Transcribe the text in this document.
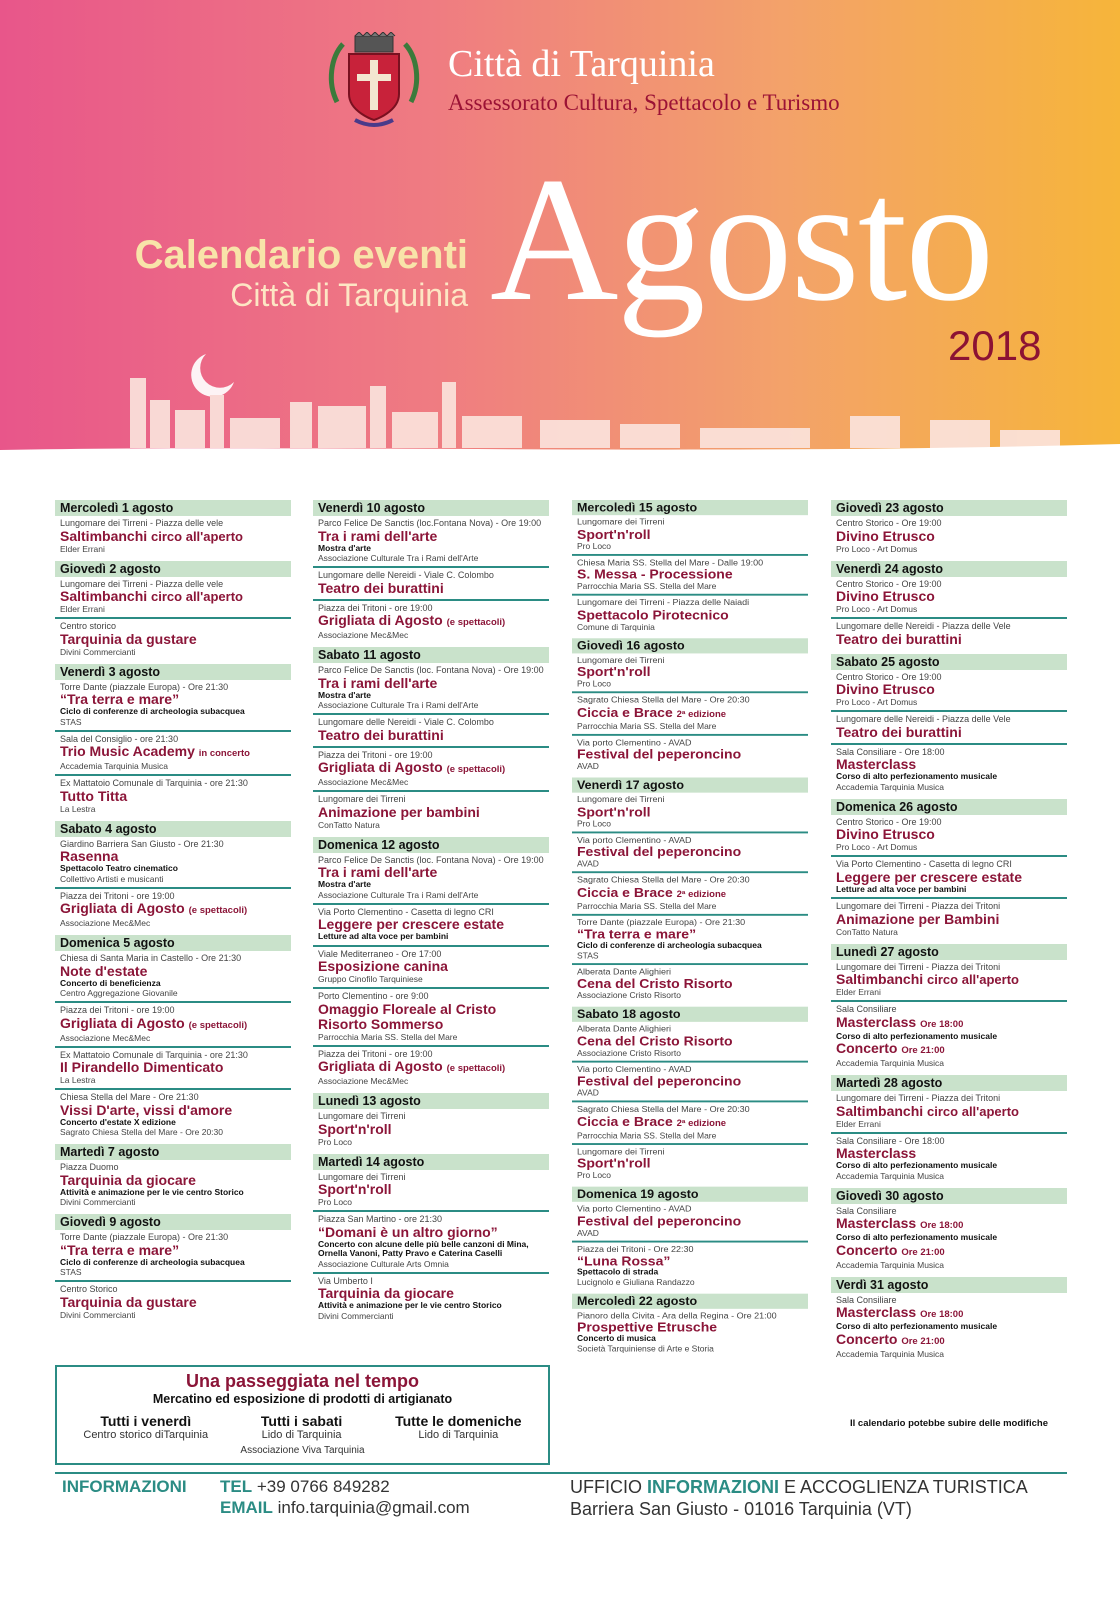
Città di Tarquinia
Assessorato Cultura, Spettacolo e Turismo
Calendario eventi
Città di Tarquinia Agosto
2018
Mercoledì 1 agosto
Lungomare dei Tirreni - Piazza delle vele
Saltimbanchi circo all'aperto
Elder Errani
Giovedì 2 agosto
Lungomare dei Tirreni - Piazza delle vele
Saltimbanchi circo all'aperto
Elder Errani
Centro storico
Tarquinia da gustare
Divini Commercianti
Venerdì 3 agosto
Torre Dante (piazzale Europa) - Ore 21:30
“Tra terra e mare”
Ciclo di conferenze di archeologia subacquea
STAS
Sala del Consiglio - ore 21:30
Trio Music Academy in concerto
Accademia Tarquinia Musica
Ex Mattatoio Comunale di Tarquinia - ore 21:30
Tutto Titta
La Lestra
Sabato 4 agosto
Giardino Barriera San Giusto - Ore 21:30
Rasenna
Spettacolo Teatro cinematico
Collettivo Artisti e musicanti
Piazza dei Tritoni - ore 19:00
Grigliata di Agosto (e spettacoli)
Associazione Mec&Mec
Domenica 5 agosto
Chiesa di Santa Maria in Castello - Ore 21:30
Note d'estate
Concerto di beneficienza
Centro Aggregazione Giovanile
Piazza dei Tritoni - ore 19:00
Grigliata di Agosto (e spettacoli)
Associazione Mec&Mec
Ex Mattatoio Comunale di Tarquinia - ore 21:30
Il Pirandello Dimenticato
La Lestra
Chiesa Stella del Mare - Ore 21:30
Vissi D'arte, vissi d'amore
Concerto d'estate X edizione
Sagrato Chiesa Stella del Mare - Ore 20:30
Martedì 7 agosto
Piazza Duomo
Tarquinia da giocare
Attività e animazione per le vie centro Storico
Divini Commercianti
Giovedì 9 agosto
Torre Dante (piazzale Europa) - Ore 21:30
“Tra terra e mare”
Ciclo di conferenze di archeologia subacquea
STAS
Centro Storico
Tarquinia da gustare
Divini Commercianti
Venerdì 10 agosto
Parco Felice De Sanctis (loc.Fontana Nova) - Ore 19:00
Tra i rami dell'arte
Mostra d'arte
Associazione Culturale Tra i Rami dell'Arte
Lungomare delle Nereidi - Viale C. Colombo
Teatro dei burattini
Piazza dei Tritoni - ore 19:00
Grigliata di Agosto (e spettacoli)
Associazione Mec&Mec
Sabato 11 agosto
Parco Felice De Sanctis (loc. Fontana Nova) - Ore 19:00
Tra i rami dell'arte
Mostra d'arte
Associazione Culturale Tra i Rami dell'Arte
Lungomare delle Nereidi - Viale C. Colombo
Teatro dei burattini
Piazza dei Tritoni - ore 19:00
Grigliata di Agosto (e spettacoli)
Associazione Mec&Mec
Lungomare dei Tirreni
Animazione per bambini
ConTatto Natura
Domenica 12 agosto
Parco Felice De Sanctis (loc. Fontana Nova) - Ore 19:00
Tra i rami dell'arte
Mostra d'arte
Associazione Culturale Tra i Rami dell'Arte
Via Porto Clementino - Casetta di legno CRI
Leggere per crescere estate
Letture ad alta voce per bambini
Viale Mediterraneo - Ore 17:00
Esposizione canina
Gruppo Cinofilo Tarquiniese
Porto Clementino - ore 9:00
Omaggio Floreale al Cristo Risorto Sommerso
Parrocchia Maria SS. Stella del Mare
Piazza dei Tritoni - ore 19:00
Grigliata di Agosto (e spettacoli)
Associazione Mec&Mec
Lunedì 13 agosto
Lungomare dei Tirreni
Sport'n'roll
Pro Loco
Martedì 14 agosto
Lungomare dei Tirreni
Sport'n'roll
Pro Loco
Piazza San Martino - ore 21:30
“Domani è un altro giorno”
Concerto con alcune delle più belle canzoni di Mina, Ornella Vanoni, Patty Pravo e Caterina Caselli
Associazione Culturale Arts Omnia
Via Umberto I
Tarquinia da giocare
Attività e animazione per le vie centro Storico
Divini Commercianti
Mercoledì 15 agosto
Lungomare dei Tirreni
Sport'n'roll
Pro Loco
Chiesa Maria SS. Stella del Mare - Dalle 19:00
S. Messa - Processione
Parrocchia Maria SS. Stella del Mare
Lungomare dei Tirreni - Piazza delle Naiadi
Spettacolo Pirotecnico
Comune di Tarquinia
Giovedì 16 agosto
Lungomare dei Tirreni
Sport'n'roll
Pro Loco
Sagrato Chiesa Stella del Mare - Ore 20:30
Ciccia e Brace 2ª edizione
Parrocchia Maria SS. Stella del Mare
Via porto Clementino - AVAD
Festival del peperoncino
AVAD
Venerdì 17 agosto
Lungomare dei Tirreni
Sport'n'roll
Pro Loco
Via porto Clementino - AVAD
Festival del peperoncino
AVAD
Sagrato Chiesa Stella del Mare - Ore 20:30
Ciccia e Brace 2ª edizione
Parrocchia Maria SS. Stella del Mare
Torre Dante (piazzale Europa) - Ore 21:30
“Tra terra e mare”
Ciclo di conferenze di archeologia subacquea
STAS
Alberata Dante Alighieri
Cena del Cristo Risorto
Associazione Cristo Risorto
Sabato 18 agosto
Alberata Dante Alighieri
Cena del Cristo Risorto
Associazione Cristo Risorto
Via porto Clementino - AVAD
Festival del peperoncino
AVAD
Sagrato Chiesa Stella del Mare - Ore 20:30
Ciccia e Brace 2ª edizione
Parrocchia Maria SS. Stella del Mare
Lungomare dei Tirreni
Sport'n'roll
Pro Loco
Domenica 19 agosto
Via porto Clementino - AVAD
Festival del peperoncino
AVAD
Piazza dei Tritoni - Ore 22:30
“Luna Rossa”
Spettacolo di strada
Lucignolo e Giuliana Randazzo
Mercoledì 22 agosto
Pianoro della Civita - Ara della Regina - Ore 21:00
Prospettive Etrusche
Concerto di musica
Società Tarquiniense di Arte e Storia
Giovedì 23 agosto
Centro Storico - Ore 19:00
Divino Etrusco
Pro Loco - Art Domus
Venerdì 24 agosto
Centro Storico - Ore 19:00
Divino Etrusco
Pro Loco - Art Domus
Lungomare delle Nereidi - Piazza delle Vele
Teatro dei burattini
Sabato 25 agosto
Centro Storico - Ore 19:00
Divino Etrusco
Pro Loco - Art Domus
Lungomare delle Nereidi - Piazza delle Vele
Teatro dei burattini
Sala Consiliare - Ore 18:00
Masterclass
Corso di alto perfezionamento musicale
Accademia Tarquinia Musica
Domenica 26 agosto
Centro Storico - Ore 19:00
Divino Etrusco
Pro Loco - Art Domus
Via Porto Clementino - Casetta di legno CRI
Leggere per crescere estate
Letture ad alta voce per bambini
Lungomare dei Tirreni - Piazza dei Tritoni
Animazione per Bambini
ConTatto Natura
Lunedì 27 agosto
Lungomare dei Tirreni - Piazza dei Tritoni
Saltimbanchi circo all'aperto
Elder Errani
Sala Consiliare
Masterclass Ore 18:00
Corso di alto perfezionamento musicale
Concerto Ore 21:00
Accademia Tarquinia Musica
Martedì 28 agosto
Lungomare dei Tirreni - Piazza dei Tritoni
Saltimbanchi circo all'aperto
Elder Errani
Sala Consiliare - Ore 18:00
Masterclass
Corso di alto perfezionamento musicale
Accademia Tarquinia Musica
Giovedì 30 agosto
Sala Consiliare
Masterclass Ore 18:00
Corso di alto perfezionamento musicale
Concerto Ore 21:00
Accademia Tarquinia Musica
Verdì 31 agosto
Sala Consiliare
Masterclass Ore 18:00
Corso di alto perfezionamento musicale
Concerto Ore 21:00
Accademia Tarquinia Musica
Una passeggiata nel tempo
Mercatino ed esposizione di prodotti di artigianato
Tutti i venerdì
Centro storico diTarquinia
Tutti i sabati
Lido di Tarquinia
Tutte le domeniche
Lido di Tarquinia
Associazione Viva Tarquinia
Il calendario potebbe subire delle modifiche
INFORMAZIONI TEL +39 0766 849282
EMAIL info.tarquinia@gmail.com
UFFICIO INFORMAZIONI E ACCOGLIENZA TURISTICA
Barriera San Giusto - 01016 Tarquinia (VT)
